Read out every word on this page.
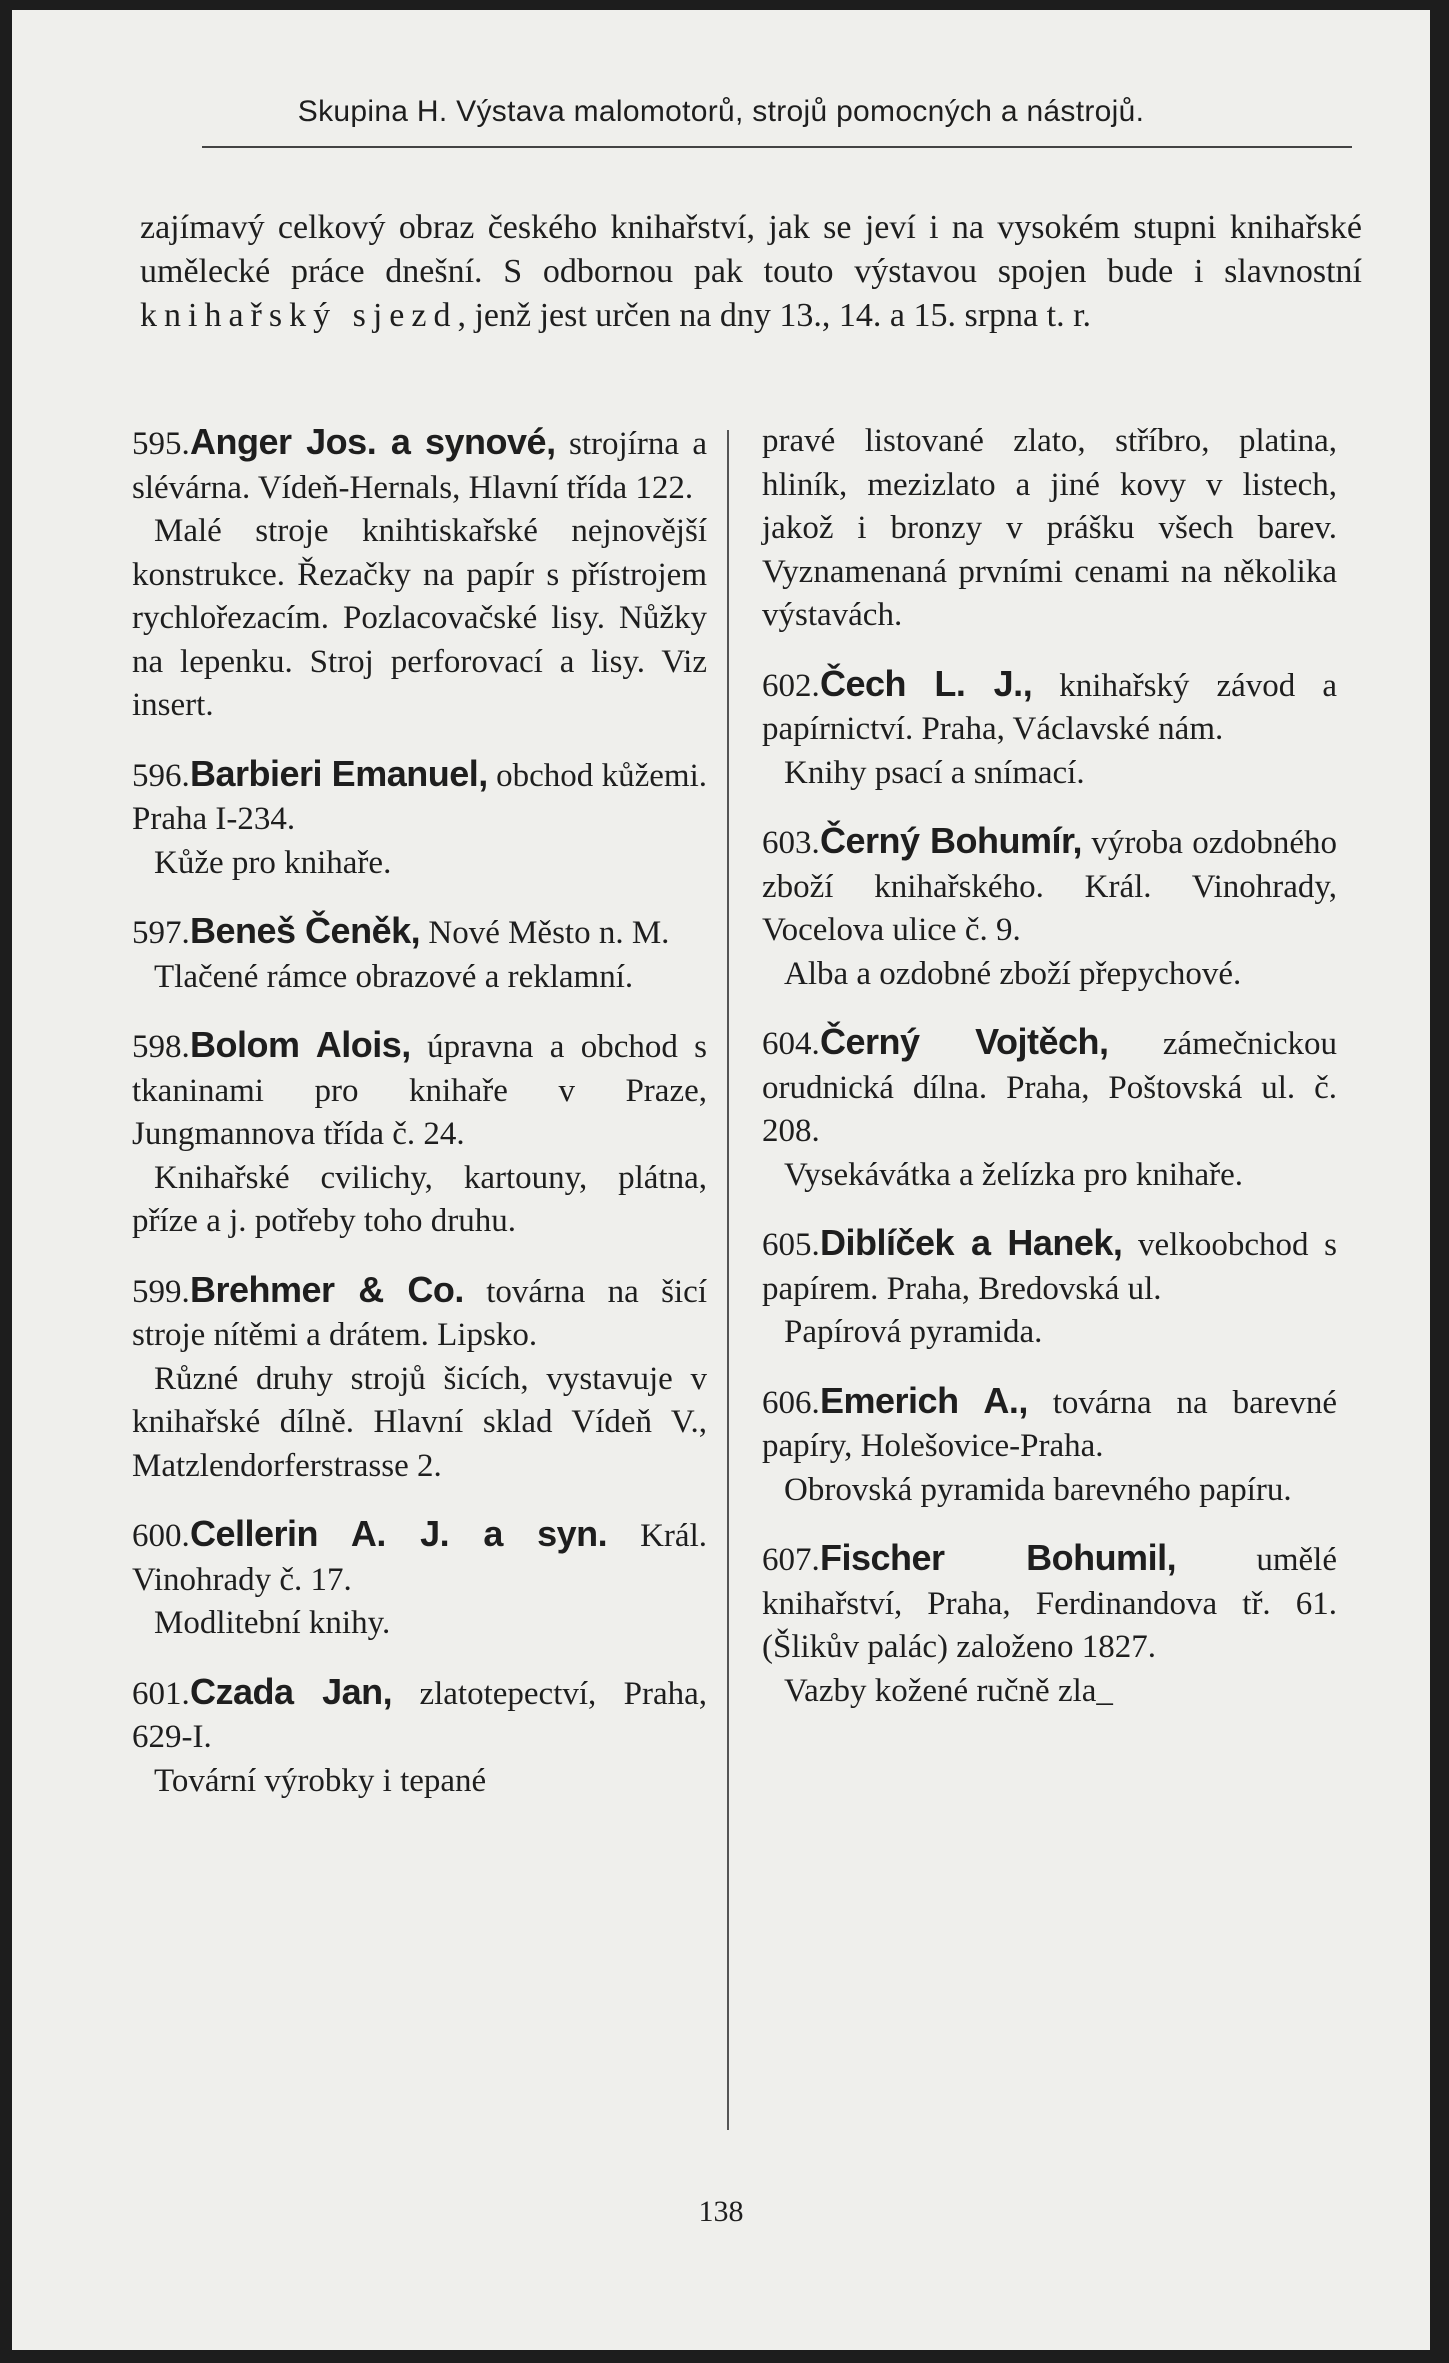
Skupina H. Výstava malomotorů, strojů pomocných a nástrojů.
zajímavý celkový obraz českého knihařství, jak se jeví i na vysokém stupni knihařské umělecké práce dnešní. S odbornou pak touto výstavou spojen bude i slavnostní knihařský sjezd, jenž jest určen na dny 13., 14. a 15. srpna t. r.

595.Anger Jos. a synové, strojírna a slévárna. Vídeň-Hernals, Hlavní třída 122.

Malé stroje knihtiskařské nejnovější konstrukce. Řezačky na papír s přístrojem rychlořezacím. Pozlacovačské lisy. Nůžky na lepenku. Stroj perforovací a lisy. Viz insert.

596.Barbieri Emanuel, obchod kůžemi. Praha I-234.

Kůže pro knihaře.

597.Beneš Čeněk, Nové Město n. M.

Tlačené rámce obrazové a reklamní.

598.Bolom Alois, úpravna a obchod s tkaninami pro knihaře v Praze, Jungmannova třída č. 24.

Knihařské cvilichy, kartouny, plátna, příze a j. potřeby toho druhu.

599.Brehmer & Co. továrna na šicí stroje nítěmi a drátem. Lipsko.

Různé druhy strojů šicích, vystavuje v knihařské dílně. Hlavní sklad Vídeň V., Matzlendorferstrasse 2.

600.Cellerin A. J. a syn. Král. Vinohrady č. 17.

Modlitební knihy.

601.Czada Jan, zlatotepectví, Praha, 629-I.

Tovární výrobky i tepané

pravé listované zlato, stříbro, platina, hliník, mezizlato a jiné kovy v listech, jakož i bronzy v prášku všech barev. Vyznamenaná prvními cenami na několika výstavách.

602.Čech L. J., knihařský závod a papírnictví. Praha, Václavské nám.

Knihy psací a snímací.

603.Černý Bohumír, výroba ozdobného zboží knihařského. Král. Vinohrady, Vocelova ulice č. 9.

Alba a ozdobné zboží přepychové.

604.Černý Vojtěch, zámečnickou orudnická dílna. Praha, Poštovská ul. č. 208.

Vysekávátka a želízka pro knihaře.

605.Diblíček a Hanek, velkoobchod s papírem. Praha, Bredovská ul.

Papírová pyramida.

606.Emerich A., továrna na barevné papíry, Holešovice-Praha.

Obrovská pyramida barevného papíru.

607.Fischer Bohumil, umělé knihařství, Praha, Ferdinandova tř. 61. (Šlikův palác) založeno 1827.

Vazby kožené ručně zla_

138
